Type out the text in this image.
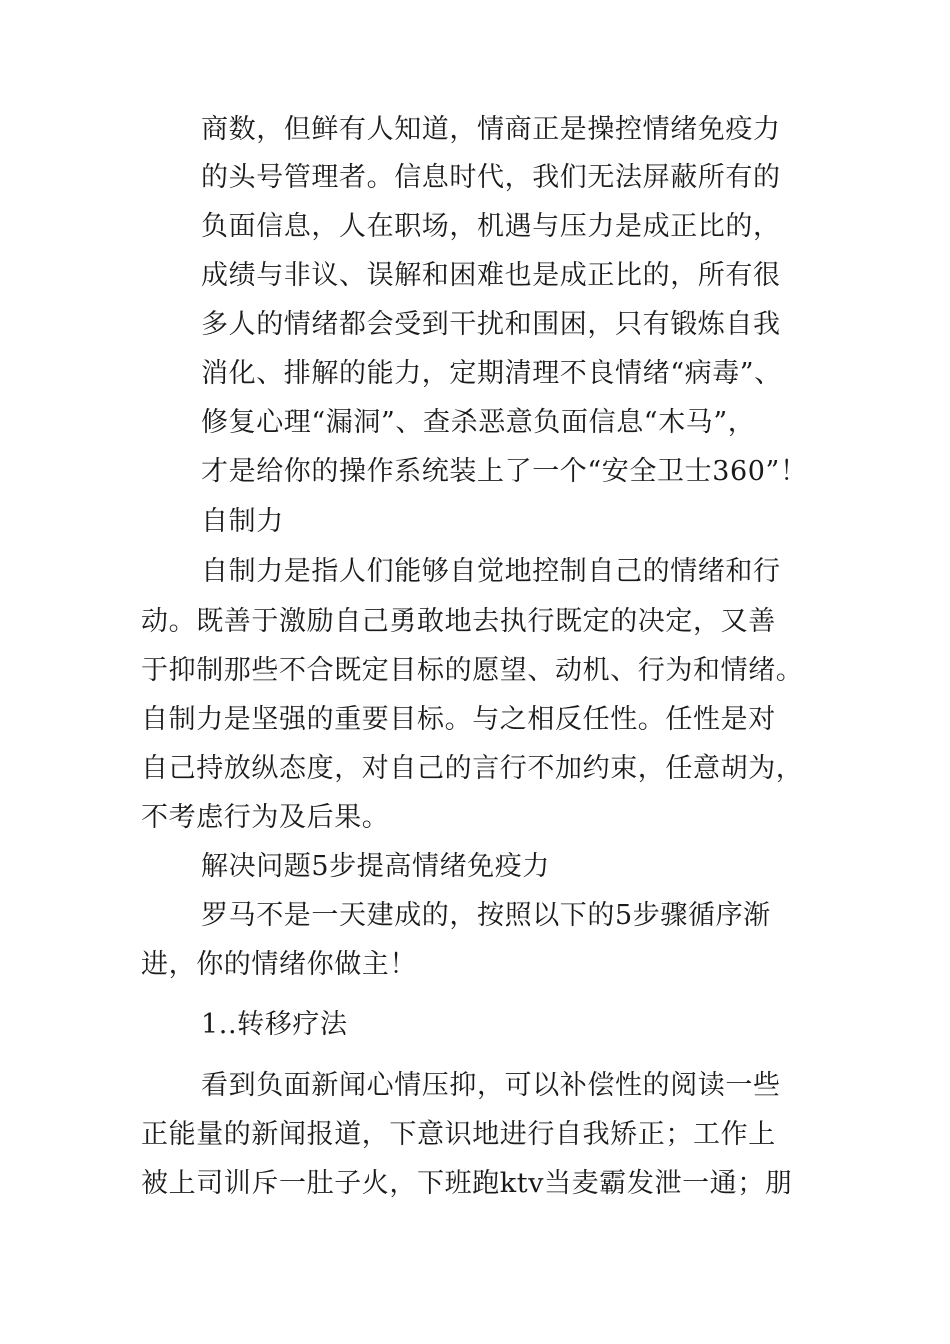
商数，但鲜有人知道，情商正是操控情绪免疫力
的头号管理者。信息时代，我们无法屏蔽所有的
负面信息，人在职场，机遇与压力是成正比的，
成绩与非议、误解和困难也是成正比的，所有很
多人的情绪都会受到干扰和围困，只有锻炼自我
消化、排解的能力，定期清理不良情绪“病毒”、
修复心理“漏洞”、查杀恶意负面信息“木马”，
才是给你的操作系统装上了一个“安全卫士360”！
自制力
自制力是指人们能够自觉地控制自己的情绪和行
动。既善于激励自己勇敢地去执行既定的决定，又善
于抑制那些不合既定目标的愿望、动机、行为和情绪。
自制力是坚强的重要目标。与之相反任性。任性是对
自己持放纵态度，对自己的言行不加约束，任意胡为，
不考虑行为及后果。
解决问题5步提高情绪免疫力
罗马不是一天建成的，按照以下的5步骤循序渐
进，你的情绪你做主！
1..转移疗法
看到负面新闻心情压抑，可以补偿性的阅读一些
正能量的新闻报道，下意识地进行自我矫正；工作上
被上司训斥一肚子火，下班跑ktv当麦霸发泄一通；朋
